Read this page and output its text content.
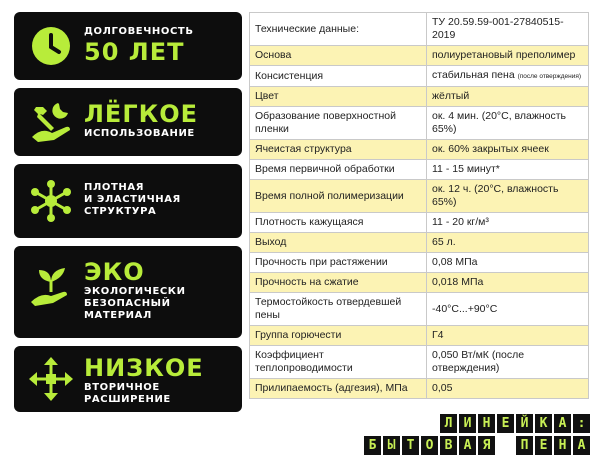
ДОЛГОВЕЧНОСТЬ
50 ЛЕТ
ЛЁГКОЕ
ИСПОЛЬЗОВАНИЕ
ПЛОТНАЯ
И ЭЛАСТИЧНАЯ
СТРУКТУРА
ЭКО
ЭКОЛОГИЧЕСКИ
БЕЗОПАСНЫЙ
МАТЕРИАЛ
НИЗКОЕ
ВТОРИЧНОЕ
РАСШИРЕНИЕ
Технические данные:	ТУ 20.59.59-001-27840515-2019
Основа	полиуретановый преполимер
Консистенция	стабильная пена (после отверждения)
Цвет	жёлтый
Образование поверхностной пленки	ок. 4 мин. (20°С, влажность 65%)
Ячеистая структура	ок. 60% закрытых ячеек
Время первичной обработки	11 - 15 минут*
Время полной полимеризации	ок. 12 ч. (20°С, влажность 65%)
Плотность кажущаяся	11 - 20 кг/м³
Выход	65 л.
Прочность при растяжении	0,08 МПа
Прочность на сжатие	0,018 МПа
Термостойкость отвердевшей пены	-40°С...+90°С
Группа горючести	Г4
Коэффициент теплопроводимости	0,050 Вт/мК (после отверждения)
Прилипаемость (адгезия), МПа	0,05
Л И Н Е Й К А :
Б Ы Т О В А Я	П Е Н А
